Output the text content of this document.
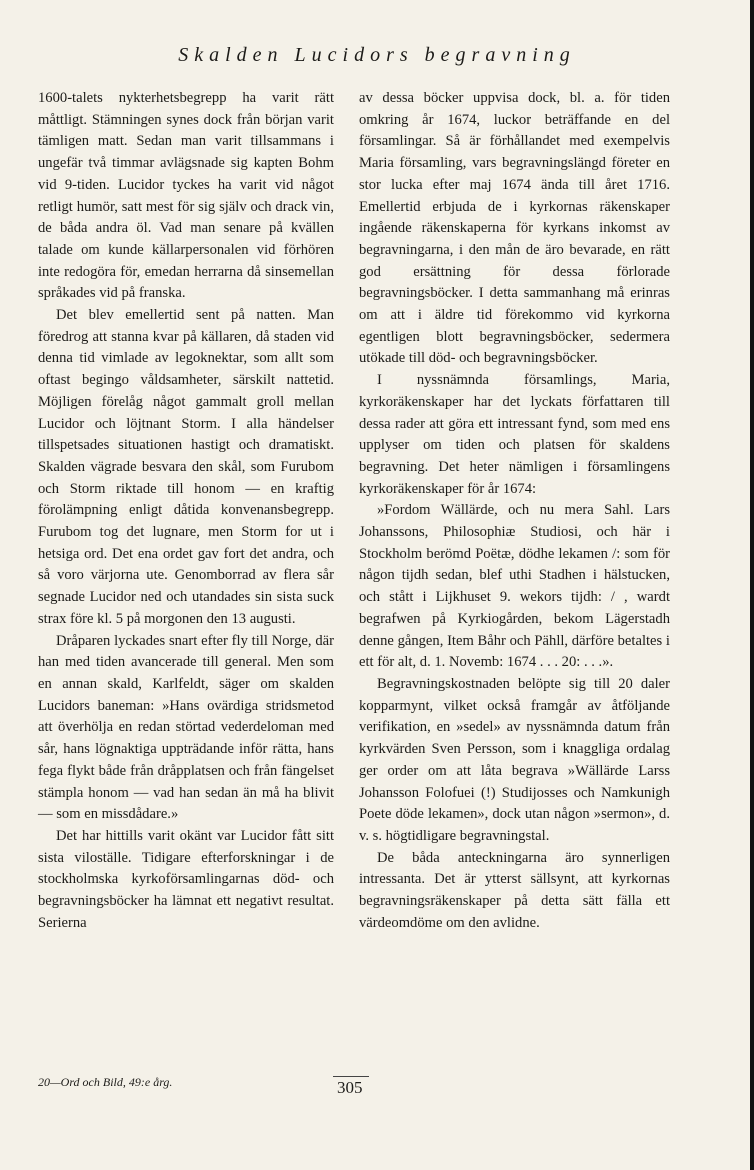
Skalden Lucidors begravning

1600-talets nykterhetsbegrepp ha varit rätt måttligt. Stämningen synes dock från början varit tämligen matt. Sedan man varit tillsammans i ungefär två timmar avlägsnade sig kapten Bohm vid 9-tiden. Lucidor tyckes ha varit vid något retligt humör, satt mest för sig själv och drack vin, de båda andra öl. Vad man senare på kvällen talade om kunde källarpersonalen vid förhören inte redogöra för, emedan herrarna då sinsemellan språkades vid på franska.

Det blev emellertid sent på natten. Man föredrog att stanna kvar på källaren, då staden vid denna tid vimlade av legoknektar, som allt som oftast begingo våldsamheter, särskilt nattetid. Möjligen förelåg något gammalt groll mellan Lucidor och löjtnant Storm. I alla händelser tillspetsades situationen hastigt och dramatiskt. Skalden vägrade besvara den skål, som Furubom och Storm riktade till honom — en kraftig förolämpning enligt dåtida konvenansbegrepp. Furubom tog det lugnare, men Storm for ut i hetsiga ord. Det ena ordet gav fort det andra, och så voro värjorna ute. Genomborrad av flera sår segnade Lucidor ned och utandades sin sista suck strax före kl. 5 på morgonen den 13 augusti.

Dråparen lyckades snart efter fly till Norge, där han med tiden avancerade till general. Men som en annan skald, Karlfeldt, säger om skalden Lucidors baneman: »Hans ovärdiga stridsmetod att överhölja en redan störtad vederdeloman med sår, hans lögnaktiga uppträdande inför rätta, hans fega flykt både från dråpplatsen och från fängelset stämpla honom — vad han sedan än må ha blivit — som en missdådare.»

Det har hittills varit okänt var Lucidor fått sitt sista viloställe. Tidigare efterforskningar i de stockholmska kyrkoförsamlingarnas död- och begravningsböcker ha lämnat ett negativt resultat. Serierna

av dessa böcker uppvisa dock, bl. a. för tiden omkring år 1674, luckor beträffande en del församlingar. Så är förhållandet med exempelvis Maria församling, vars begravningslängd företer en stor lucka efter maj 1674 ända till året 1716. Emellertid erbjuda de i kyrkornas räkenskaper ingående räkenskaperna för kyrkans inkomst av begravningarna, i den mån de äro bevarade, en rätt god ersättning för dessa förlorade begravningsböcker. I detta sammanhang må erinras om att i äldre tid förekommo vid kyrkorna egentligen blott begravningsböcker, sedermera utökade till död- och begravningsböcker.

I nyssnämnda församlings, Maria, kyrkoräkenskaper har det lyckats författaren till dessa rader att göra ett intressant fynd, som med ens upplyser om tiden och platsen för skaldens begravning. Det heter nämligen i församlingens kyrkoräkenskaper för år 1674:

»Fordom Wällärde, och nu mera Sahl. Lars Johanssons, Philosophiæ Studiosi, och här i Stockholm berömd Poëtæ, dödhe lekamen /: som för någon tijdh sedan, blef uthi Stadhen i hälstucken, och stått i Lijkhuset 9. wekors tijdh: / , wardt begrafwen på Kyrkiogården, bekom Lägerstadh denne gången, Item Båhr och Pähll, därföre betaltes i ett för alt, d. 1. Novemb: 1674 . . . 20: . . .».

Begravningskostnaden belöpte sig till 20 daler kopparmynt, vilket också framgår av åtföljande verifikation, en »sedel» av nyssnämnda datum från kyrkvärden Sven Persson, som i knaggliga ordalag ger order om att låta begrava »Wällärde Larss Johansson Folofuei (!) Studijosses och Namkunigh Poete döde lekamen», dock utan någon »sermon», d. v. s. högtidligare begravningstal.

De båda anteckningarna äro synnerligen intressanta. Det är ytterst sällsynt, att kyrkornas begravningsräkenskaper på detta sätt fälla ett värdeomdöme om den avlidne.

20—Ord och Bild, 49:e årg.	305
